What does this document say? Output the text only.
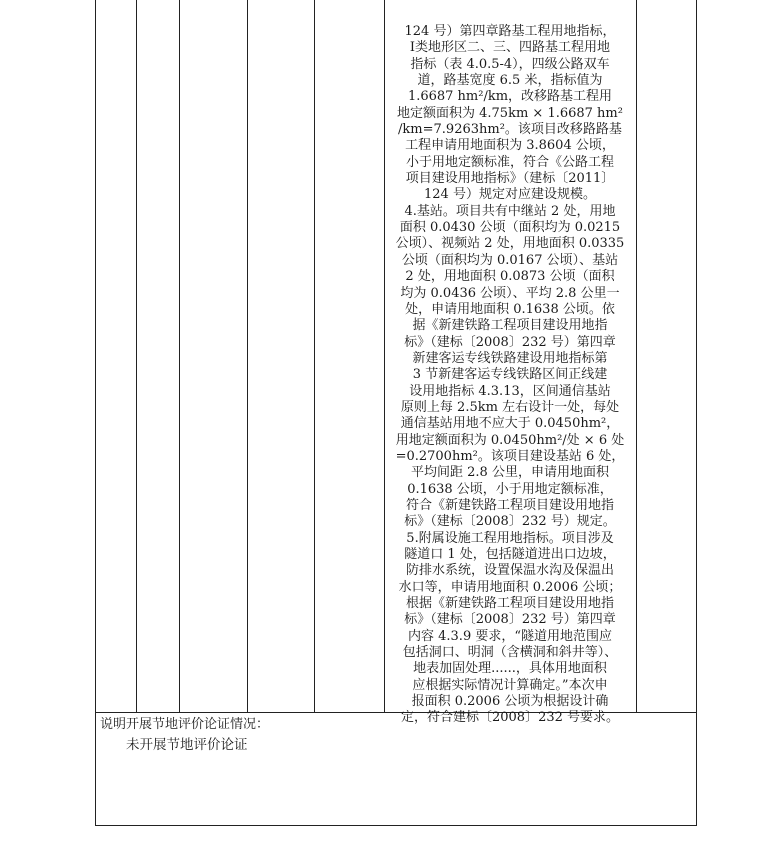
124 号）第四章路基工程用地指标，
Ⅰ类地形区二、三、四路基工程用地
指标（表 4.0.5-4），四级公路双车
道，路基宽度 6.5 米，指标值为
1.6687 hm²/km，改移路基工程用
地定额面积为 4.75km × 1.6687 hm²
/km=7.9263hm²。该项目改移路路基
工程申请用地面积为 3.8604 公顷，
小于用地定额标准，符合《公路工程
项目建设用地指标》（建标〔2011〕
124 号）规定对应建设规模。
4.基站。项目共有中继站 2 处，用地
面积 0.0430 公顷（面积均为 0.0215
公顷）、视频站 2 处，用地面积 0.0335
公顷（面积均为 0.0167 公顷）、基站
2 处，用地面积 0.0873 公顷（面积
均为 0.0436 公顷）、平均 2.8 公里一
处，申请用地面积 0.1638 公顷。依
据《新建铁路工程项目建设用地指
标》（建标〔2008〕232 号）第四章
新建客运专线铁路建设用地指标第
3 节新建客运专线铁路区间正线建
设用地指标 4.3.13，区间通信基站
原则上每 2.5km 左右设计一处，每处
通信基站用地不应大于 0.0450hm²，
用地定额面积为 0.0450hm²/处 × 6 处
=0.2700hm²。该项目建设基站 6 处，
平均间距 2.8 公里，申请用地面积
0.1638 公顷，小于用地定额标准，
符合《新建铁路工程项目建设用地指
标》（建标〔2008〕232 号）规定。
5.附属设施工程用地指标。项目涉及
隧道口 1 处，包括隧道进出口边坡，
防排水系统，设置保温水沟及保温出
水口等，申请用地面积 0.2006 公顷；
根据《新建铁路工程项目建设用地指
标》（建标〔2008〕232 号）第四章
内容 4.3.9 要求，“隧道用地范围应
包括洞口、明洞（含横洞和斜井等）、
地表加固处理......，具体用地面积
应根据实际情况计算确定。”本次申
报面积 0.2006 公顷为根据设计确
定，符合建标〔2008〕232 号要求。
说明开展节地评价论证情况：
未开展节地评价论证
